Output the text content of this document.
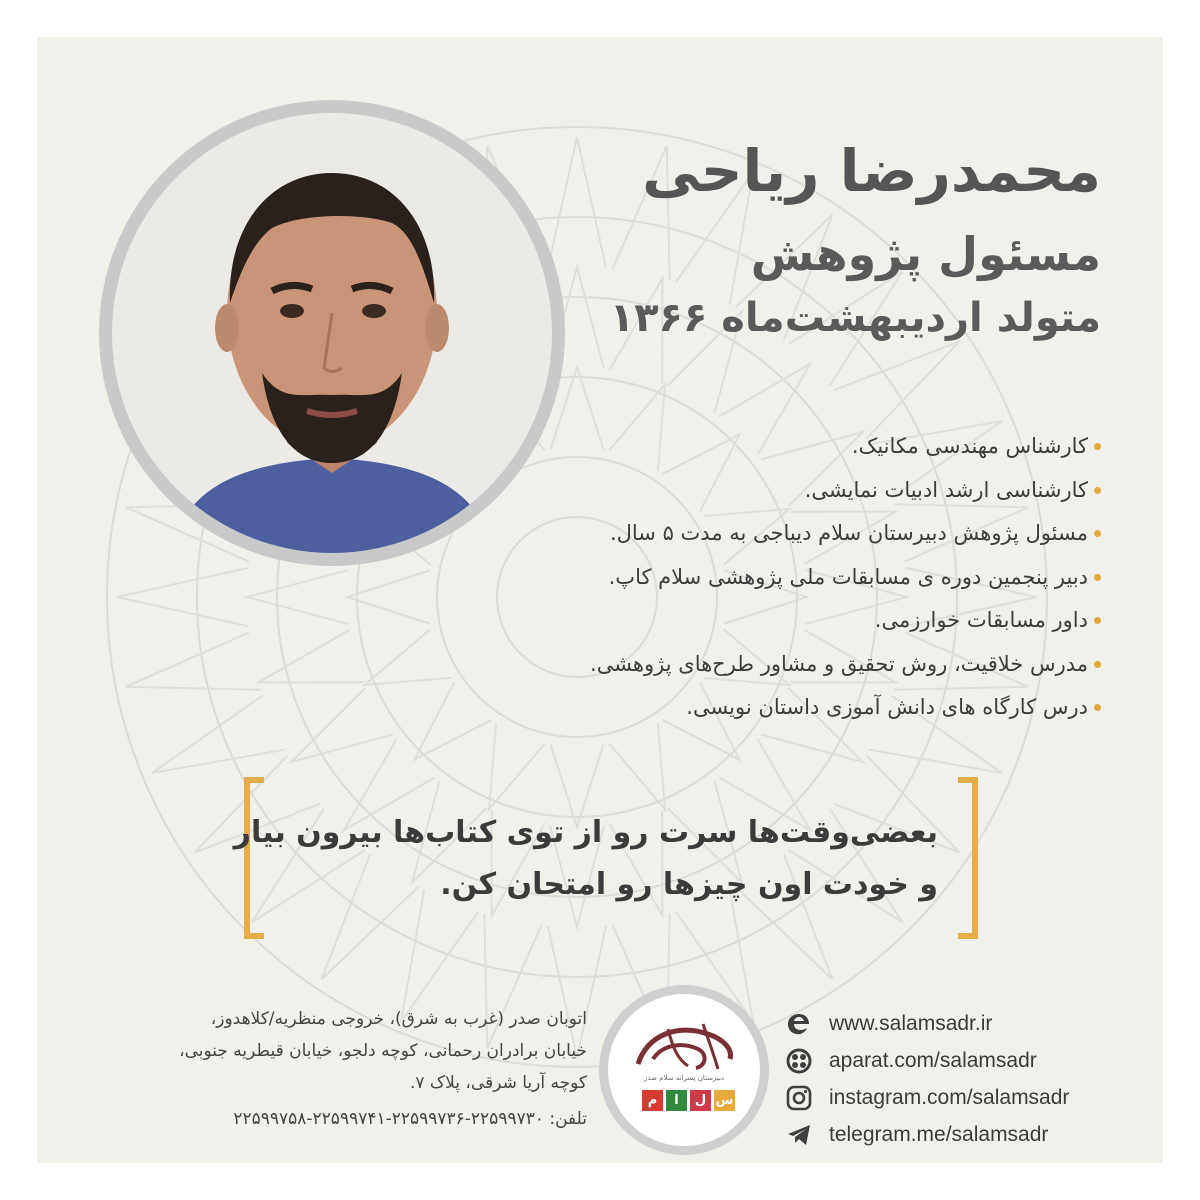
محمدرضا ریاحی
مسئول پژوهش
متولد اردیبهشت‌ماه ۱۳۶۶
کارشناس مهندسی مکانیک.
کارشناسی ارشد ادبیات نمایشی.
مسئول پژوهش دبیرستان سلام دیباجی به مدت ۵ سال.
دبیر پنجمین دوره ی مسابقات ملی پژوهشی سلام کاپ.
داور مسابقات خوارزمی.
مدرس خلاقیت، روش تحقیق و مشاور طرح‌های پژوهشی.
درس کارگاه های دانش آموزی داستان نویسی.
بعضی‌وقت‌ها سرت رو از توی کتاب‌ها بیرون بیار
و خودت اون چیزها رو امتحان کن.
اتوبان صدر (غرب به شرق)، خروجی منظریه/کلاهدوز،
خیابان برادران رحمانی، کوچه دلجو، خیابان قیطریه جنوبی،
کوچه آریا شرقی، پلاک ۷.
تلفن: ۲۲۵۹۹۷۳۰-۲۲۵۹۹۷۳۶-۲۲۵۹۹۷۴۱-۲۲۵۹۹۷۵۸
دبیرستان پسرانه سلام صدر
م	ا	ل س
www.salamsadr.ir
aparat.com/salamsadr
instagram.com/salamsadr
telegram.me/salamsadr
